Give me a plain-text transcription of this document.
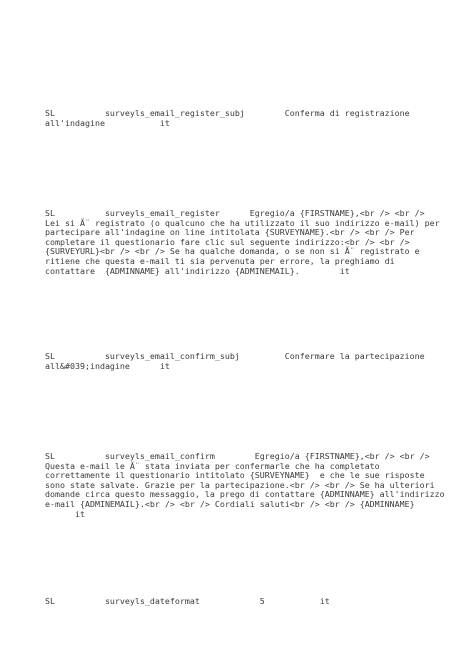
SL          surveyls_email_register_subj        Conferma di registrazione
all'indagine           it

SL          surveyls_email_register      Egregio/a {FIRSTNAME},<br /> <br />
Lei si Ã¨ registrato (o qualcuno che ha utilizzato il suo indirizzo e-mail) per
partecipare all'indagine on line intitolata {SURVEYNAME}.<br /> <br /> Per
completare il questionario fare clic sul seguente indirizzo:<br /> <br />
{SURVEYURL}<br /> <br /> Se ha qualche domanda, o se non si Ã¨ registrato e
ritiene che questa e-mail ti sia pervenuta per errore, la preghiamo di
contattare  {ADMINNAME} all'indirizzo {ADMINEMAIL}.        it

SL          surveyls_email_confirm_subj         Confermare la partecipazione
all&#039;indagine      it

SL          surveyls_email_confirm        Egregio/a {FIRSTNAME},<br /> <br />
Questa e-mail le Ã¨ stata inviata per confermarle che ha completato
correttamente il questionario intitolato {SURVEYNAME}  e che le sue risposte
sono state salvate. Grazie per la partecipazione.<br /> <br /> Se ha ulteriori
domande circa questo messaggio, la prego di contattare {ADMINNAME} all'indirizzo
e-mail {ADMINEMAIL}.<br /> <br /> Cordiali saluti<br /> <br /> {ADMINNAME}
it

SL          surveyls_dateformat            5           it
